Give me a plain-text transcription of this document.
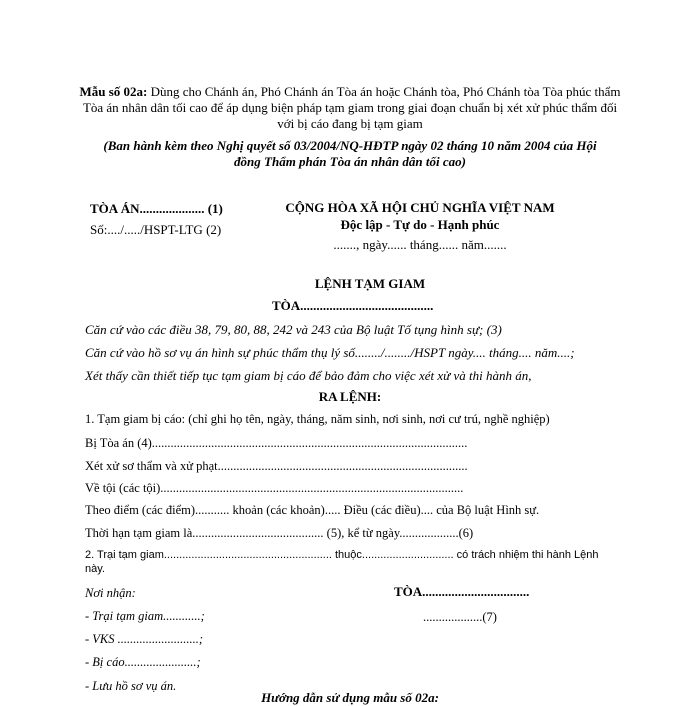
Mẫu số 02a: Dùng cho Chánh án, Phó Chánh án Tòa án hoặc Chánh tòa, Phó Chánh tòa Tòa phúc thẩm Tòa án nhân dân tối cao để áp dụng biện pháp tạm giam trong giai đoạn chuẩn bị xét xử phúc thẩm đối với bị cáo đang bị tạm giam
(Ban hành kèm theo Nghị quyết số 03/2004/NQ-HĐTP ngày 02 tháng 10 năm 2004 của Hội đồng Thẩm phán Tòa án nhân dân tối cao)
TÒA ÁN.................... (1)
Số:..../...../HSPT-LTG (2)
CỘNG HÒA XÃ HỘI CHỦ NGHĨA VIỆT NAM
Độc lập - Tự do - Hạnh phúc
......., ngày...... tháng...... năm.......
LỆNH TẠM GIAM
TÒA.........................................
Căn cứ vào các điều 38, 79, 80, 88, 242 và 243 của Bộ luật Tố tụng hình sự; (3)
Căn cứ vào hồ sơ vụ án hình sự phúc thẩm thụ lý số......../......../HSPT ngày.... tháng.... năm....;
Xét thấy cần thiết tiếp tục tạm giam bị cáo để bảo đảm cho việc xét xử và thi hành án,
RA LỆNH:
1. Tạm giam bị cáo: (chỉ ghi họ tên, ngày, tháng, năm sinh, nơi sinh, nơi cư trú, nghề nghiệp)
Bị Tòa án (4).....................................................................................................
Xét xử sơ thẩm và xử phạt................................................................................
Về tội (các tội).................................................................................................
Theo điểm (các điểm)........... khoản (các khoản)..... Điều (các điều).... của Bộ luật Hình sự.
Thời hạn tạm giam là.......................................... (5), kể từ ngày...................(6)
2. Trại tạm giam....................................................... thuộc.............................. có trách nhiệm thi hành Lệnh này.
Nơi nhận:
- Trại tạm giam............;
- VKS ..........................;
- Bị cáo.......................;
- Lưu hồ sơ vụ án.
TÒA.................................
...................(7)
Hướng dẫn sử dụng mẫu số 02a:
